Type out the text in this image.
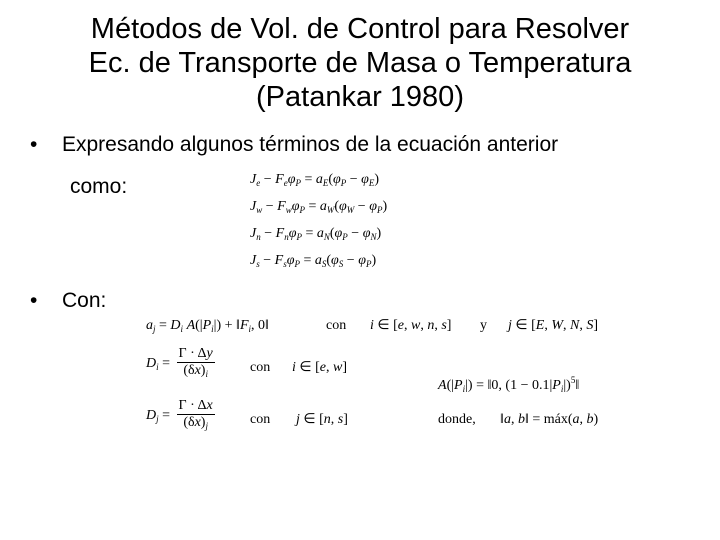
Métodos de Vol. de Control para Resolver
Ec. de Transporte de Masa o Temperatura
(Patankar 1980)
• Expresando algunos términos de la ecuación anterior
como:	$J_e - F_e\varphi_P = a_E(\varphi_P - \varphi_E)$
$J_w - F_w\varphi_P = a_W(\varphi_W - \varphi_P)$
$J_n - F_n\varphi_P = a_N(\varphi_P - \varphi_N)$
$J_s - F_s\varphi_P = a_S(\varphi_S - \varphi_P)$
• Con:
$a_j = D_i$ $A(|P_i|)$ + $‖F_i$, 0‖	con i ∈ [e, w, n, s] y j ∈ [E, W, N, S]
$D_i = \frac{\Gamma \cdot \Delta y}{(\delta x)_i}$	con i ∈ [e, w]
$A(|P_i|)$ = ‖0, $(1 - 0.1|P_i|)^5‖$
$D_j = \frac{\Gamma \cdot \Delta x}{(\delta x)_j}$	con j ∈ [n, s]	donde, ‖a, b‖ = máx(a, b)
